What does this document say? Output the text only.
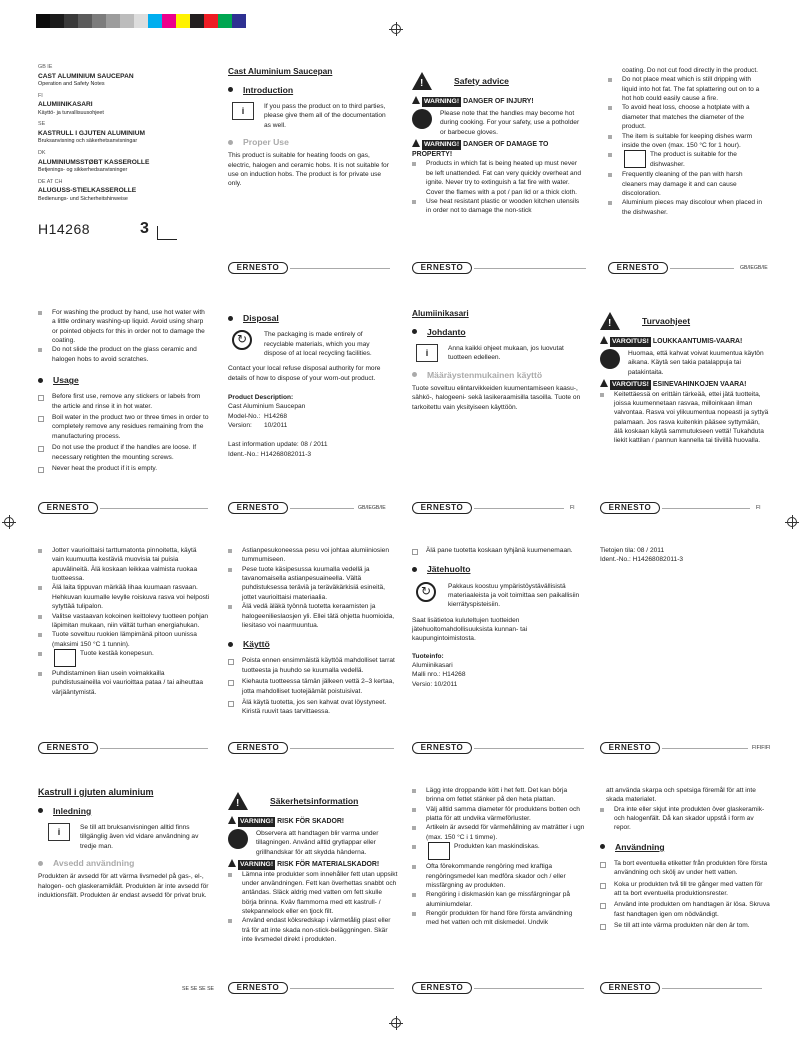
GB IE
CAST ALUMINIUM SAUCEPAN
Operation and Safety Notes
FI
ALUMIINIKASARI
Käyttö- ja turvallisuusohjeet
SE
KASTRULL I GJUTEN ALUMINIUM
Bruksanvisning och säkerhetsanvisningar
DK
ALUMINIUMSSTØBT KASSEROLLE
Betjenings- og sikkerhedsanvisninger
DE AT CH
ALUGUSS-STIELKASSEROLLE
Bedienungs- und Sicherheitshinweise
H14268	3
Cast Aluminium Saucepan
Introduction
i	If you pass the product on to third parties, please give them all of the documentation as well.
Proper Use
This product is suitable for heating foods on gas, electric, halogen and ceramic hobs. It is not suitable for use on induction hobs. The product is for private use only.
!
Safety advice
WARNING! DANGER OF INJURY!
Please note that the handles may become hot during cooking. For your safety, use a potholder or barbecue gloves.
WARNING! DANGER OF DAMAGE TO PROPERTY!
Products in which fat is being heated up must never be left unattended. Fat can very quickly overheat and ignite. Never try to extinguish a fat fire with water. Cover the flames with a pot / pan lid or a thick cloth.
Use heat resistant plastic or wooden kitchen utensils in order not to damage the non-stick
coating. Do not cut food directly in the product.
Do not place meat which is still dripping with liquid into hot fat. The fat splattering out on to a hot hob could easily cause a fire.
To avoid heat loss, choose a hotplate with a diameter that matches the diameter of the product.
The item is suitable for keeping dishes warm inside the oven (max. 150 °C for 1 hour).
The product is suitable for the dishwasher.
Frequently cleaning of the pan with harsh cleaners may damage it and can cause discoloration.
Aluminium pieces may discolour when placed in the dishwasher.
ERNESTO	ERNESTO	ERNESTO	GB/IEGB/IE
For washing the product by hand, use hot water with a little ordinary washing-up liquid. Avoid using sharp or pointed objects for this in order not to damage the coating.
Do not slide the product on the glass ceramic and halogen hobs to avoid scratches.
Usage
Before first use, remove any stickers or labels from the article and rinse it in hot water.
Boil water in the product two or three times in order to completely remove any residues remaining from the manufacturing process.
Do not use the product if the handles are loose. If necessary retighten the mounting screws.
Never heat the product if it is empty.
Disposal
↻
The packaging is made entirely of recyclable materials, which you may dispose of at local recycling facilities.
Contact your local refuse disposal authority for more details of how to dispose of your worn-out product.
Product Description:
Cast Aluminium Saucepan
Model-No.: H14268
Version: 10/2011
Last information update: 08 / 2011
Ident.-No.: H14268082011-3
Alumiinikasari
Johdanto
i	Anna kaikki ohjeet mukaan, jos luovutat tuotteen edelleen.
Määräystenmukainen käyttö
Tuote soveltuu elintarvikkeiden kuumentamiseen kaasu-, sähkö-, halogeeni- sekä lasikeraamisilla tasoilla. Tuote on tarkoitettu vain yksityiseen käyttöön.
!
Turvaohjeet
VAROITUS! LOUKKAANTUMIS-VAARA!
Huomaa, että kahvat voivat kuumentua käytön aikana. Käytä sen takia patalappuja tai patakintaita.
VAROITUS! ESINEVAHINKOJEN VAARA!
Keitettäessä on erittäin tärkeää, ettei jätä tuotteita, joissa kuumennetaan rasvaa, milloinkaan ilman valvontaa. Rasva voi ylikuumentua nopeasti ja syttyä palamaan. Jos rasva kuitenkin pääsee syttymään, älä koskaan käytä sammutukseen vettä! Tukahduta liekit kattilan / pannun kannella tai tiiviillä huovalla.
ERNESTO	ERNESTO	GB/IEGB/IE	ERNESTO	FI	ERNESTO	FI
Jotteт vaurioittaisi tarttumatonta pinnoitetta, käytä vain kuumuutta kestäviä muovisia tai puisia apuvälineitä. Älä koskaan leikkaa valmista ruokaa tuotteessa.
Älä laita tippuvan märkää lihaa kuumaan rasvaan. Hehkuvan kuumalle levylle roiskuva rasva voi helposti sytyttää tulipalon.
Valitse vastaavan kokoinen keittolevy tuotteen pohjan läpimitan mukaan, niin vältät turhan energiahukan.
Tuote soveltuu ruokien lämpimänä pitoon uunissa (maksimi 150 °C 1 tunnin).
Tuote kestää konepesun.
Puhdistaminen liian usein voimakkailla puhdistusaineilla voi vaurioittaa pataa / tai aiheuttaa värjääntymistä.
Astianpesukoneessa pesu voi johtaa alumiiniosien tummumiseen.
Pese tuote käsipesussa kuumalla vedellä ja tavanomaisella astianpesuaineella. Vältä puhdistuksessa teräviä ja teräväkärkisiä esineitä, jottet vaurioittaisi materiaalia.
Älä vedä äläkä työnnä tuotetta keraamisten ja halogeenilieslaosjen yli. Ellei tätä ohjetta huomioida, liesitaso voi naarmuuntua.
Käyttö
Poista ennen ensimmäistä käyttöä mahdolliset tarrat tuotteesta ja huuhdo se kuumalla vedellä.
Kiehauta tuotteessa tämän jälkeen vettä 2–3 kertaa, jotta mahdolliset tuotejäämät poistuisivat.
Älä käytä tuotetta, jos sen kahvat ovat löystyneet. Kiristä ruuvit taas tarvittaessa.
Älä pane tuotetta koskaan tyhjänä kuumenemaan.
Jätehuolto
↻
Pakkaus koostuu ympäristöystävällisistä materiaaleista ja voit toimittaa sen paikallisiin kierrätyspisteisiin.
Saat lisätietoa kuluteltujen tuotteiden jätehuoltomahdollisuuksista kunnan- tai kaupungintoimistosta.
Tuoteinfo:
Alumiinikasari
Malli nro.: H14268
Versio: 10/2011
Tietojen tila: 08 / 2011
Ident.-No.: H14268082011-3
ERNESTO	ERNESTO	ERNESTO	ERNESTO	FIFIFIFI
Kastrull i gjuten aluminium
Inledning
i	Se till att bruksanvisningen alltid finns tillgänglig även vid vidare användning av tredje man.
Avsedd användning
Produkten är avsedd för att värma livsmedel på gas-, el-, halogen- och glaskeramikfält. Produkten är inte avsedd för induktionsfält. Produkten är endast avsedd för privat bruk.
!
Säkerhetsinformation
VARNING! RISK FÖR SKADOR!
Observera att handtagen blir varma under tillagningen. Använd alltid grytlappar eller grillhandskar för att skydda händerna.
VARNING! RISK FÖR MATERIALSKADOR!
Lämna inte produkter som innehåller fett utan uppsikt under användningen. Fett kan överhettas snabbt och antändas. Släck aldrig med vatten om fett skulle börja brinna. Kväv flammorna med ett kastrull- / stekpannelock eller en tjock filt.
Använd endast köksredskap i värmetålig plast eller trä för att inte skada non-stick-beläggningen. Skär inte livsmedel direkt i produkten.
Lägg inte droppande kött i het fett. Det kan börja brinna om fettet stänker på den heta plattan.
Välj alltid samma diameter för produktens botten och platta för att undvika värmeförluster.
Artikeln är avsedd för värmehållning av maträtter i ugn (max. 150 °C i 1 timme).
Produkten kan maskindiskas.
Ofta förekommande rengöring med kraftiga rengöringsmedel kan medföra skador och / eller missfärgning av produkten.
Rengöring i diskmaskin kan ge missfärgningar på aluminiumdelar.
Rengör produkten för hand före första användning med het vatten och mlt diskmedel. Undvik
att använda skarpa och spetsiga föremål för att inte skada materialet.
Dra inte eller skjut inte produkten över glaskeramik- och halogenfält. Då kan skador uppstå i form av repor.
Användning
Ta bort eventuella etiketter från produkten före första användning och skölj av under hett vatten.
Koka ur produkten två till tre gånger med vatten för att ta bort eventuella produktionsrester.
Använd inte produkten om handtagen är lösa. Skruva fast handtagen igen om nödvändigt.
Se till att inte värma produkten när den är tom.
SE SE SE SE	ERNESTO	ERNESTO	ERNESTO
